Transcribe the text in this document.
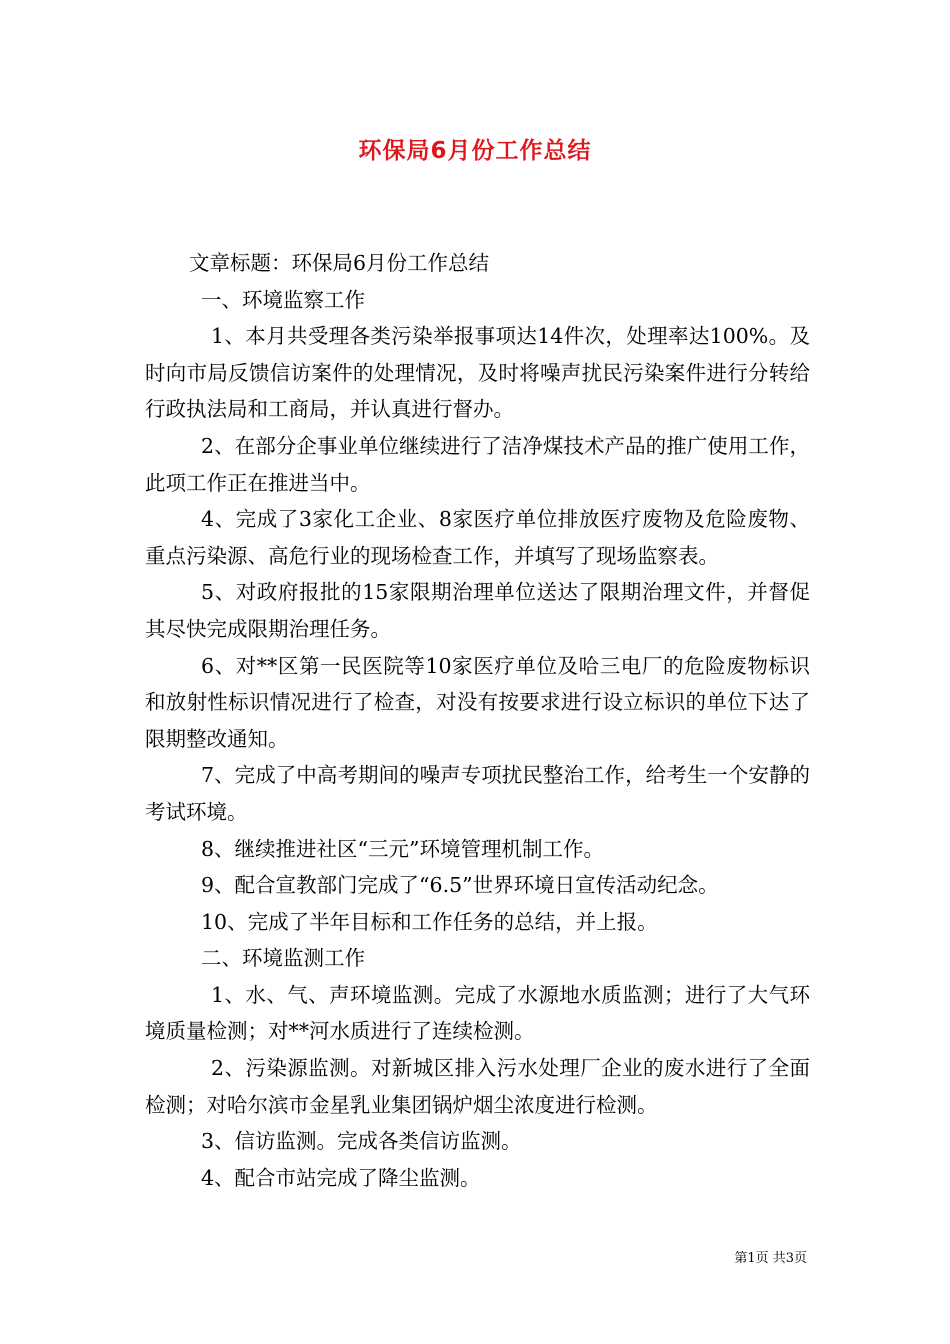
环保局6月份工作总结

文章标题：环保局6月份工作总结

一、环境监察工作

1、本月共受理各类污染举报事项达14件次，处理率达100%。及时向市局反馈信访案件的处理情况，及时将噪声扰民污染案件进行分转给行政执法局和工商局，并认真进行督办。

2、在部分企事业单位继续进行了洁净煤技术产品的推广使用工作，此项工作正在推进当中。

4、完成了3家化工企业、8家医疗单位排放医疗废物及危险废物、重点污染源、高危行业的现场检查工作，并填写了现场监察表。

5、对政府报批的15家限期治理单位送达了限期治理文件，并督促其尽快完成限期治理任务。

6、对**区第一民医院等10家医疗单位及哈三电厂的危险废物标识和放射性标识情况进行了检查，对没有按要求进行设立标识的单位下达了限期整改通知。

7、完成了中高考期间的噪声专项扰民整治工作，给考生一个安静的考试环境。

8、继续推进社区“三元”环境管理机制工作。

9、配合宣教部门完成了“6.5”世界环境日宣传活动纪念。

10、完成了半年目标和工作任务的总结，并上报。

二、环境监测工作

1、水、气、声环境监测。完成了水源地水质监测；进行了大气环境质量检测；对**河水质进行了连续检测。

2、污染源监测。对新城区排入污水处理厂企业的废水进行了全面检测；对哈尔滨市金星乳业集团锅炉烟尘浓度进行检测。

3、信访监测。完成各类信访监测。

4、配合市站完成了降尘监测。

第1页 共3页
